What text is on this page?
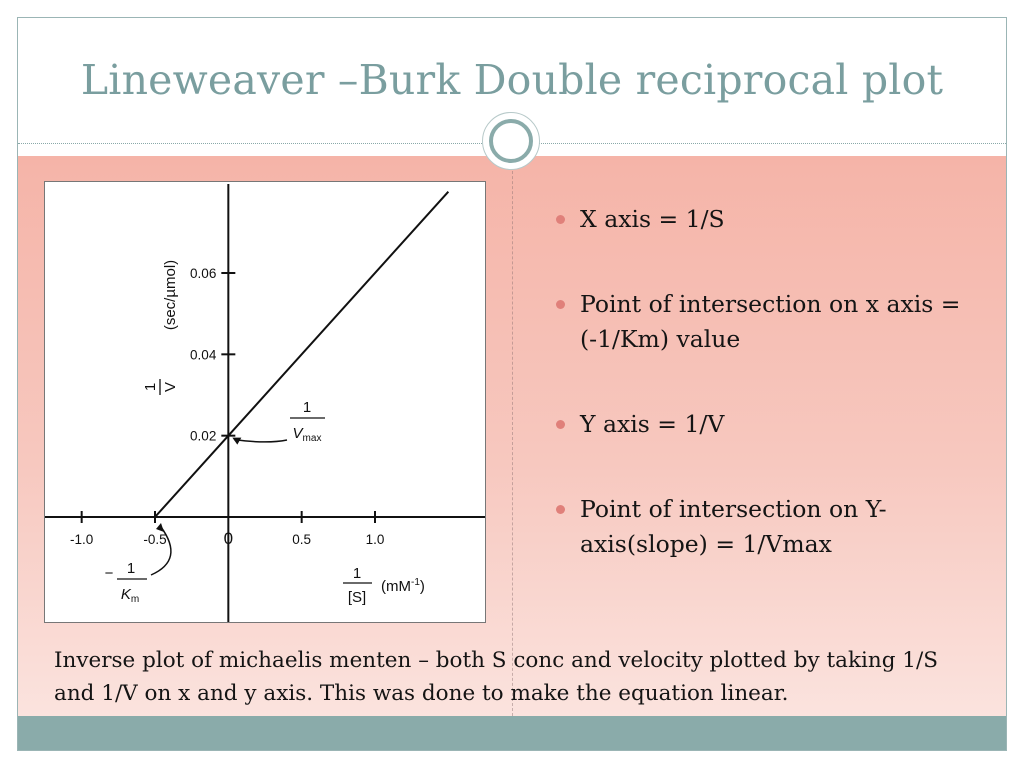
Lineweaver –Burk Double reciprocal plot
-1.0	-0.5	0	0.5	1.0
0.02
0.04
0.06
1 V
(sec/µmol)
1
[S]
$(mM^{-1})$
1
$V_{max}$
− 1
$K_m$
X axis = 1/S
Point of intersection on x axis = (-1/Km) value
Y axis = 1/V
Point of intersection on Y-axis(slope) = 1/Vmax
Inverse plot of michaelis menten – both S conc and velocity plotted by taking 1/S and 1/V on x and y axis. This was done to make the equation linear.
